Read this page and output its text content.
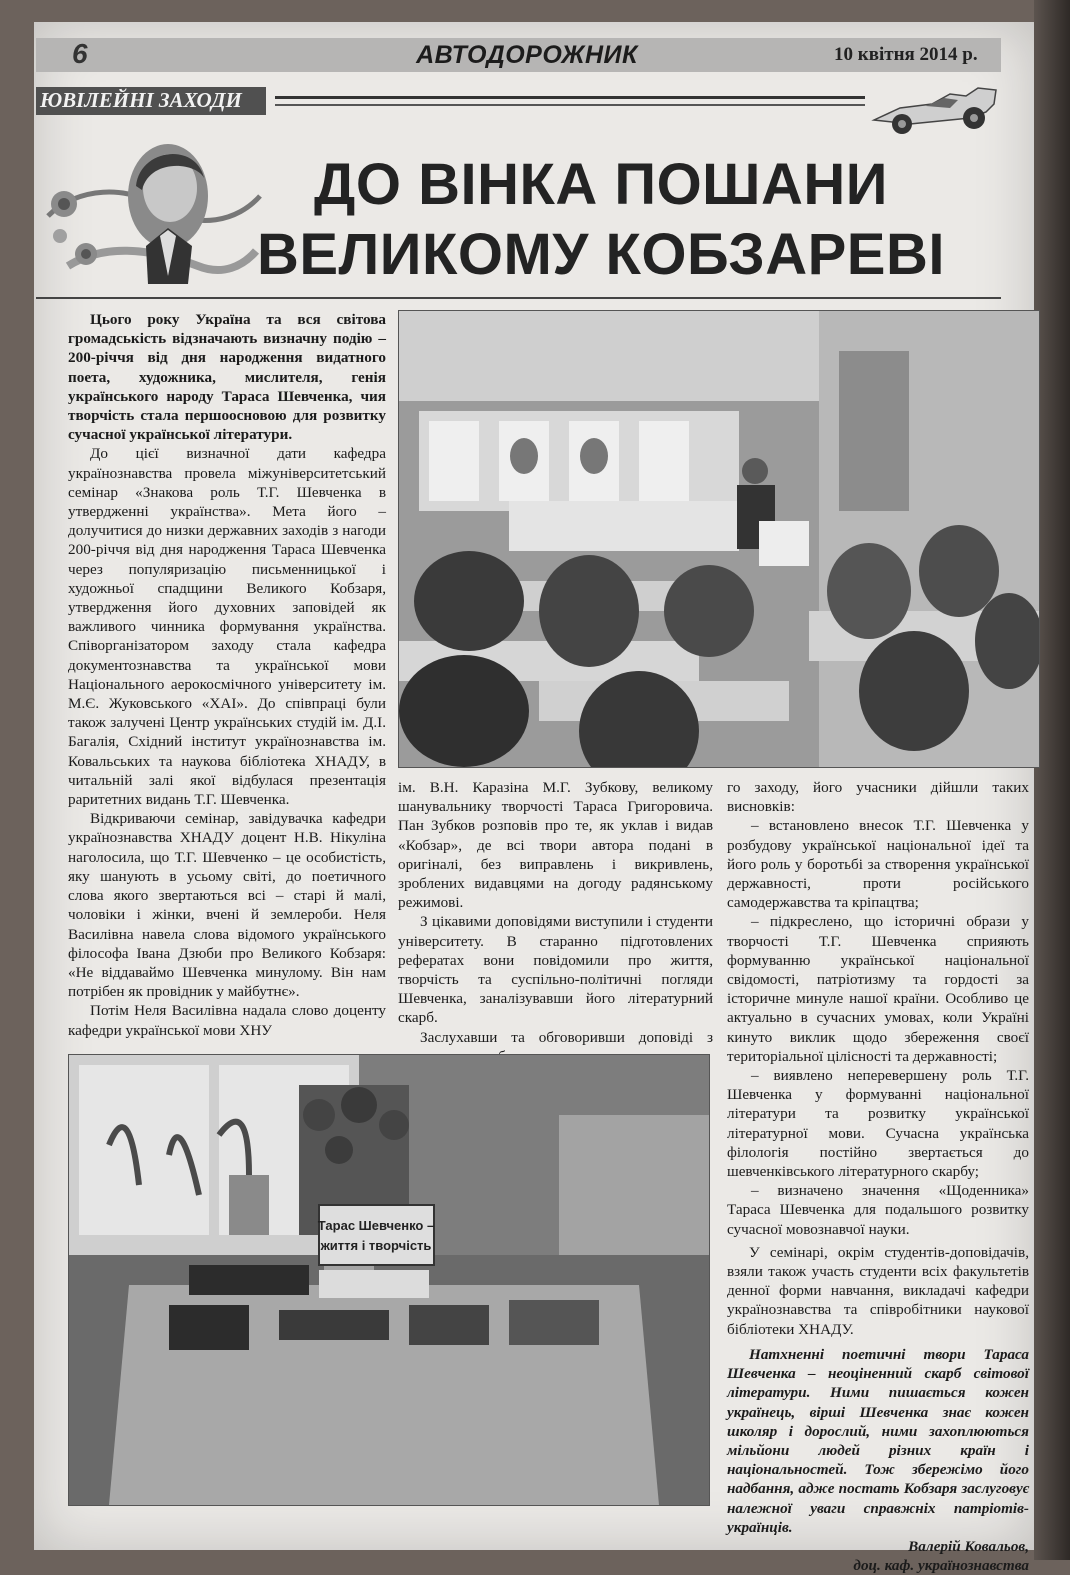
6	АВТОДОРОЖНИК	10 квітня 2014 р.
ЮВІЛЕЙНІ ЗАХОДИ
ДО ВІНКА ПОШАНИ
ВЕЛИКОМУ КОБЗАРЕВІ

Цього року Україна та вся світова громадськість відзначають визначну подію – 200-річчя від дня народження видатного поета, художника, мислителя, генія українського народу Тараса Шевченка, чия творчість стала першоосновою для розвитку сучасної української літератури.

До цієї визначної дати кафедра українознавства провела міжуніверситетський семінар «Знакова роль Т.Г. Шевченка в утвердженні українства». Мета його – долучитися до низки державних заходів з нагоди 200-річчя від дня народження Тараса Шевченка через популяризацію письменницької і художньої спадщини Великого Кобзаря, утвердження його духовних заповідей як важливого чинника формування українства. Співорганізатором заходу стала кафедра документознавства та української мови Національного аерокосмічного університету ім. М.Є. Жуковського «ХАІ». До співпраці були також залучені Центр українських студій ім. Д.І. Багалія, Східний інститут українознавства ім. Ковальських та наукова бібліотека ХНАДУ, в читальній залі якої відбулася презентація раритетних видань Т.Г. Шевченка.

Відкриваючи семінар, завідувачка кафедри українознавства ХНАДУ доцент Н.В. Нікуліна наголосила, що Т.Г. Шевченко – це особистість, яку шанують в усьому світі, до поетичного слова якого звертаються всі – старі й малі, чоловіки і жінки, вчені й землероби. Неля Василівна навела слова відомого українського філософа Івана Дзюби про Великого Кобзаря: «Не віддаваймо Шевченка минулому. Він нам потрібен як провідник у майбутнє».

Потім Неля Василівна надала слово доценту кафедри української мови ХНУ

ім. В.Н. Каразіна М.Г. Зубкову, великому шанувальнику творчості Тараса Григоровича. Пан Зубков розповів про те, як уклав і видав «Кобзар», де всі твори автора подані в оригіналі, без виправлень і викривлень, зроблених видавцями на догоду радянському режимові.

З цікавими доповідями виступили і студенти університету. В старанно підготовлених рефератах вони повідомили про життя, творчість та суспільно-політичні погляди Шевченка, заналізувавши його літературний скарб.

Заслухавши та обговоривши доповіді з

го заходу, його учасники дійшли таких висновків:

– встановлено внесок Т.Г. Шевченка у розбудову української національної ідеї та його роль у боротьбі за створення української державності, проти російського самодержавства та кріпацтва;

– підкреслено, що історичні образи у творчості Т.Г. Шевченка сприяють формуванню української національної свідомості, патріотизму та гордості за історичне минуле нашої країни. Особливо це актуально в сучасних умовах, коли Україні кинуто виклик щодо збереження своєї територіальної цілісності та державності;

– виявлено неперевершену роль Т.Г. Шевченка у формуванні національної літератури та розвитку української літературної мови. Сучасна українська філологія постійно звертається до шевченківського літературного скарбу;

– визначено значення «Щоденника» Тараса Шевченка для подальшого розвитку сучасної мовознавчої науки.

У семінарі, окрім студентів-доповідачів, взяли також участь студенти всіх факультетів денної форми навчання, викладачі кафедри українознавства та співробітники наукової бібліотеки ХНАДУ.

Натхненні поетичні твори Тараса Шевченка – неоціненний скарб світової літератури. Ними пишається кожен українець, вірші Шевченка знає кожен школяр і дорослий, ними захоплюються мільйони людей різних країн і національностей. Тож збережімо його надбання, адже постать Кобзаря заслуговує належної уваги справжніх патріотів-українців.

Валерій Ковальов,

доц. каф. українознавства

Тарас Шевченко –
життя і творчість
